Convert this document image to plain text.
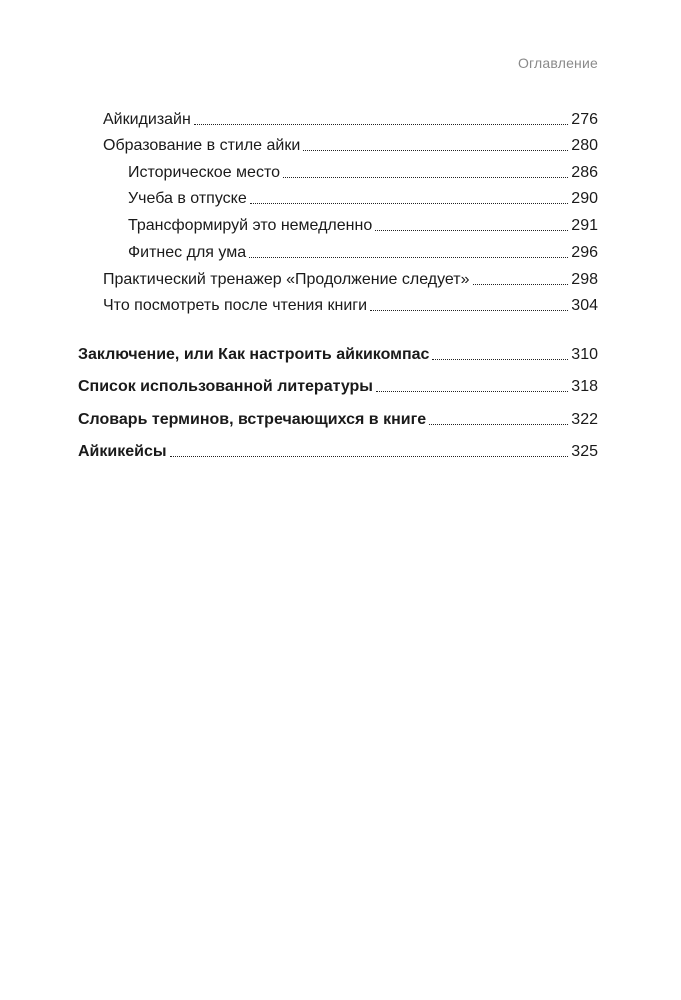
Оглавление
Айкидизайн	276
Образование в стиле айки	280
Историческое место	286
Учеба в отпуске	290
Трансформируй это немедленно	291
Фитнес для ума	296
Практический тренажер «Продолжение следует»	298
Что посмотреть после чтения книги	304
Заключение, или Как настроить айкикомпас	310
Список использованной литературы	318
Словарь терминов, встречающихся в книге	322
Айкикейсы	325
